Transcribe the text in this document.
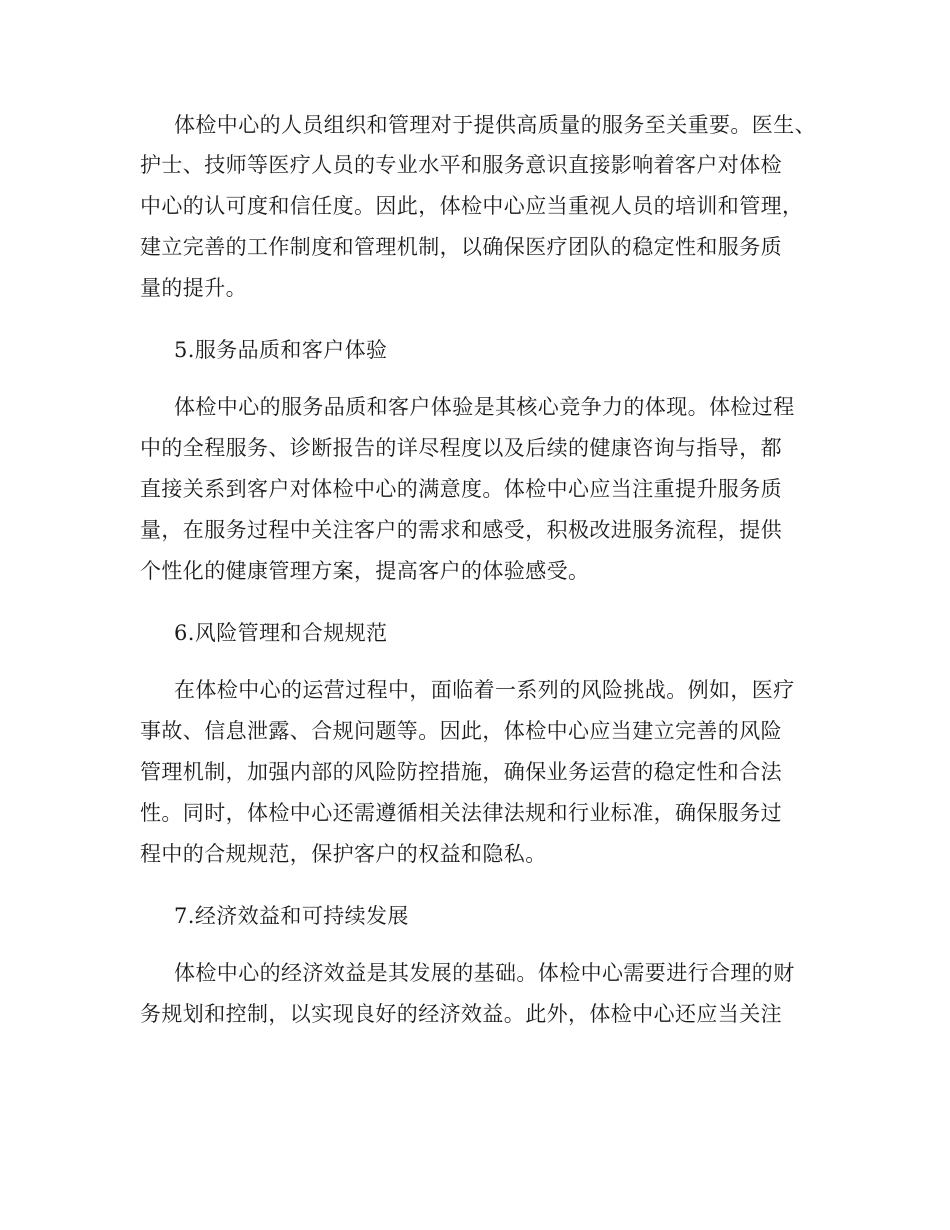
体检中心的人员组织和管理对于提供高质量的服务至关重要。医生、
护士、技师等医疗人员的专业水平和服务意识直接影响着客户对体检
中心的认可度和信任度。因此，体检中心应当重视人员的培训和管理，
建立完善的工作制度和管理机制，以确保医疗团队的稳定性和服务质
量的提升。
5.服务品质和客户体验
体检中心的服务品质和客户体验是其核心竞争力的体现。体检过程
中的全程服务、诊断报告的详尽程度以及后续的健康咨询与指导，都
直接关系到客户对体检中心的满意度。体检中心应当注重提升服务质
量，在服务过程中关注客户的需求和感受，积极改进服务流程，提供
个性化的健康管理方案，提高客户的体验感受。
6.风险管理和合规规范
在体检中心的运营过程中，面临着一系列的风险挑战。例如，医疗
事故、信息泄露、合规问题等。因此，体检中心应当建立完善的风险
管理机制，加强内部的风险防控措施，确保业务运营的稳定性和合法
性。同时，体检中心还需遵循相关法律法规和行业标准，确保服务过
程中的合规规范，保护客户的权益和隐私。
7.经济效益和可持续发展
体检中心的经济效益是其发展的基础。体检中心需要进行合理的财
务规划和控制，以实现良好的经济效益。此外，体检中心还应当关注
